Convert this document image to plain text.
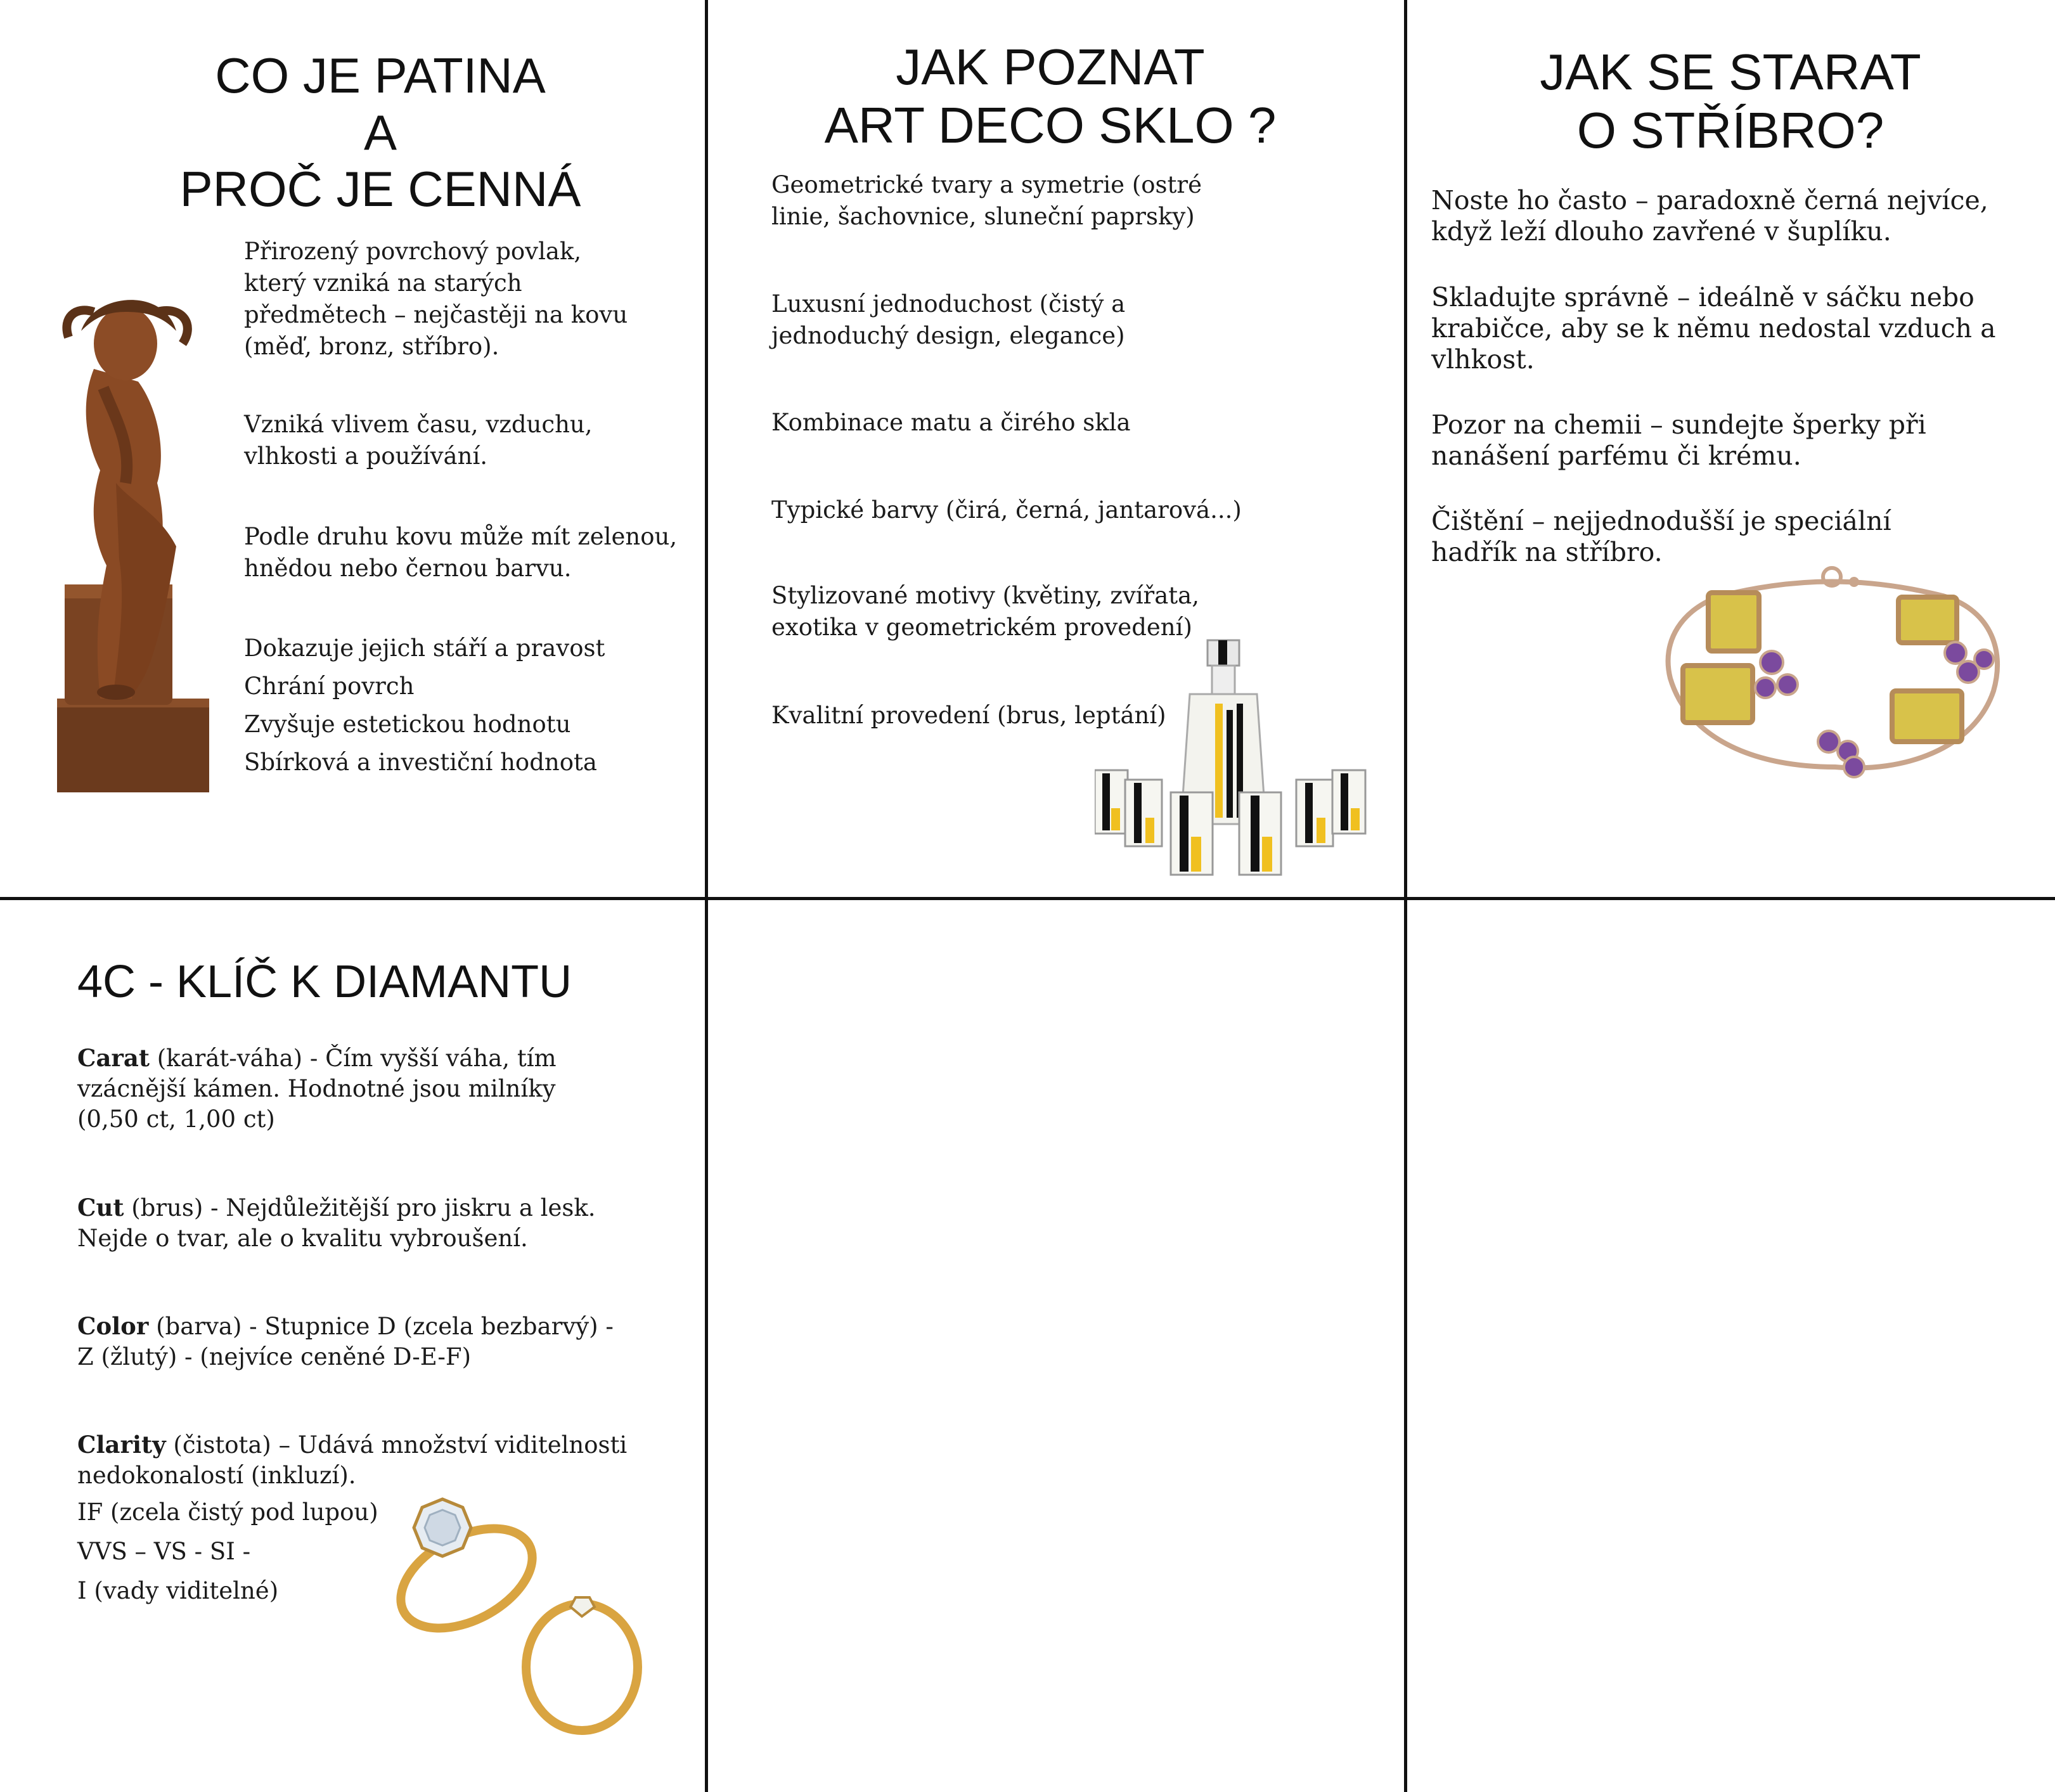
CO JE PATINA
A
PROČ JE CENNÁ
Přirozený povrchový povlak, který vzniká na starých předmětech – nejčastěji na kovu (měď, bronz, stříbro).
Vzniká vlivem času, vzduchu, vlhkosti a používání.
Podle druhu kovu může mít zelenou, hnědou nebo černou barvu.
Dokazuje jejich stáří a pravost
Chrání povrch
Zvyšuje estetickou hodnotu
Sbírková a investiční hodnota
JAK POZNAT
ART DECO SKLO ?
Geometrické tvary a symetrie (ostré linie, šachovnice, sluneční paprsky)
Luxusní jednoduchost (čistý a jednoduchý design, elegance)
Kombinace matu a čirého skla
Typické barvy (čirá, černá, jantarová...)
Stylizované motivy (květiny, zvířata, exotika v geometrickém provedení)
Kvalitní provedení (brus, leptání)
JAK SE STARAT
O STŘÍBRO?
Noste ho často – paradoxně černá nejvíce, když leží dlouho zavřené v šuplíku.
Skladujte správně – ideálně v sáčku nebo krabičce, aby se k němu nedostal vzduch a vlhkost.
Pozor na chemii – sundejte šperky při nanášení parfému či krému.
Čištění – nejjednodušší je speciální hadřík na stříbro.
4C - KLÍČ K DIAMANTU
Carat (karát-váha) - Čím vyšší váha, tím vzácnější kámen. Hodnotné jsou milníky (0,50 ct, 1,00 ct)
Cut (brus) - Nejdůležitější pro jiskru a lesk. Nejde o tvar, ale o kvalitu vybroušení.
Color (barva) - Stupnice D (zcela bezbarvý) - Z (žlutý) - (nejvíce ceněné D-E-F)
Clarity (čistota) – Udává množství viditelnosti nedokonalostí (inkluzí).
IF (zcela čistý pod lupou)
VVS – VS - SI -
I (vady viditelné)
